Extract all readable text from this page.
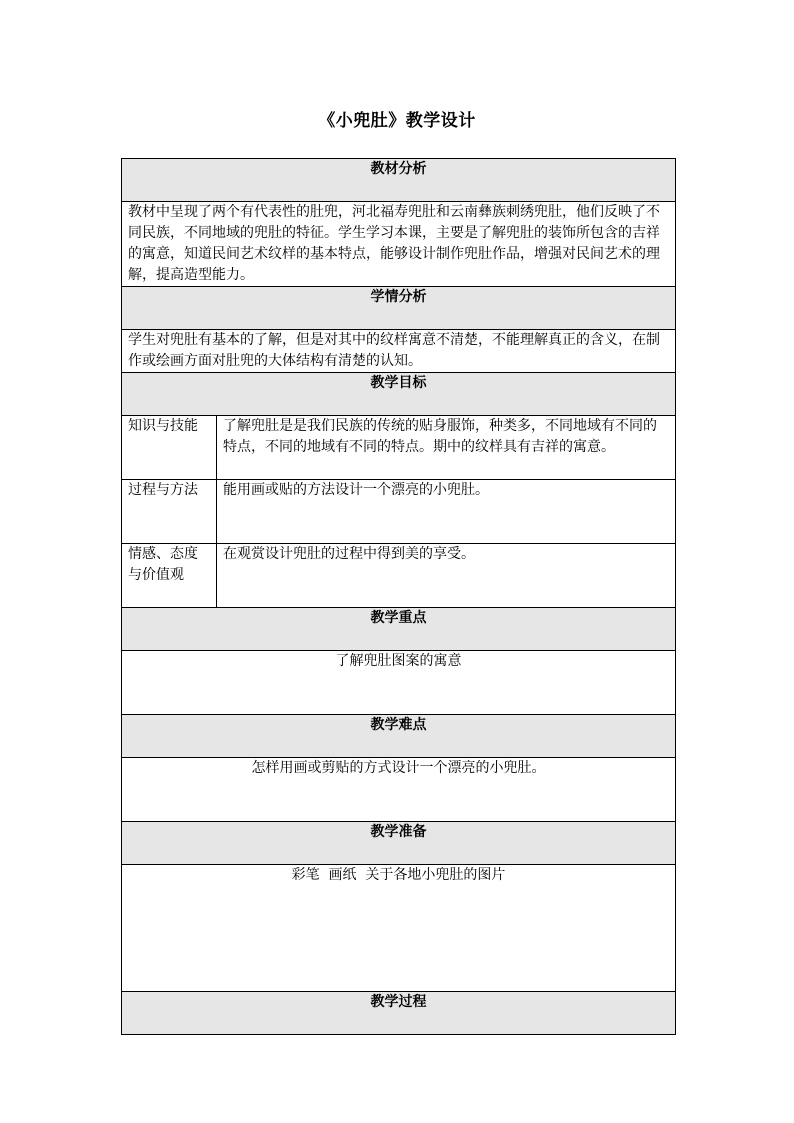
《小兜肚》教学设计
教材分析	
教材中呈现了两个有代表性的肚兜，河北福寿兜肚和云南彝族刺绣兜肚，他们反映了不同民族，不同地域的兜肚的特征。学生学习本课，主要是了解兜肚的装饰所包含的吉祥的寓意，知道民间艺术纹样的基本特点，能够设计制作兜肚作品，增强对民间艺术的理解，提高造型能力。	
学情分析	
学生对兜肚有基本的了解，但是对其中的纹样寓意不清楚，不能理解真正的含义，在制作或绘画方面对肚兜的大体结构有清楚的认知。	
教学目标	
知识与技能	了解兜肚是是我们民族的传统的贴身服饰，种类多，不同地域有不同的特点，不同的地域有不同的特点。期中的纹样具有吉祥的寓意。
过程与方法	能用画或贴的方法设计一个漂亮的小兜肚。
情感、态度与价值观	在观赏设计兜肚的过程中得到美的享受。
教学重点	
了解兜肚图案的寓意	
教学难点	
怎样用画或剪贴的方式设计一个漂亮的小兜肚。	
教学准备	
彩笔  画纸  关于各地小兜肚的图片	
教学过程	
